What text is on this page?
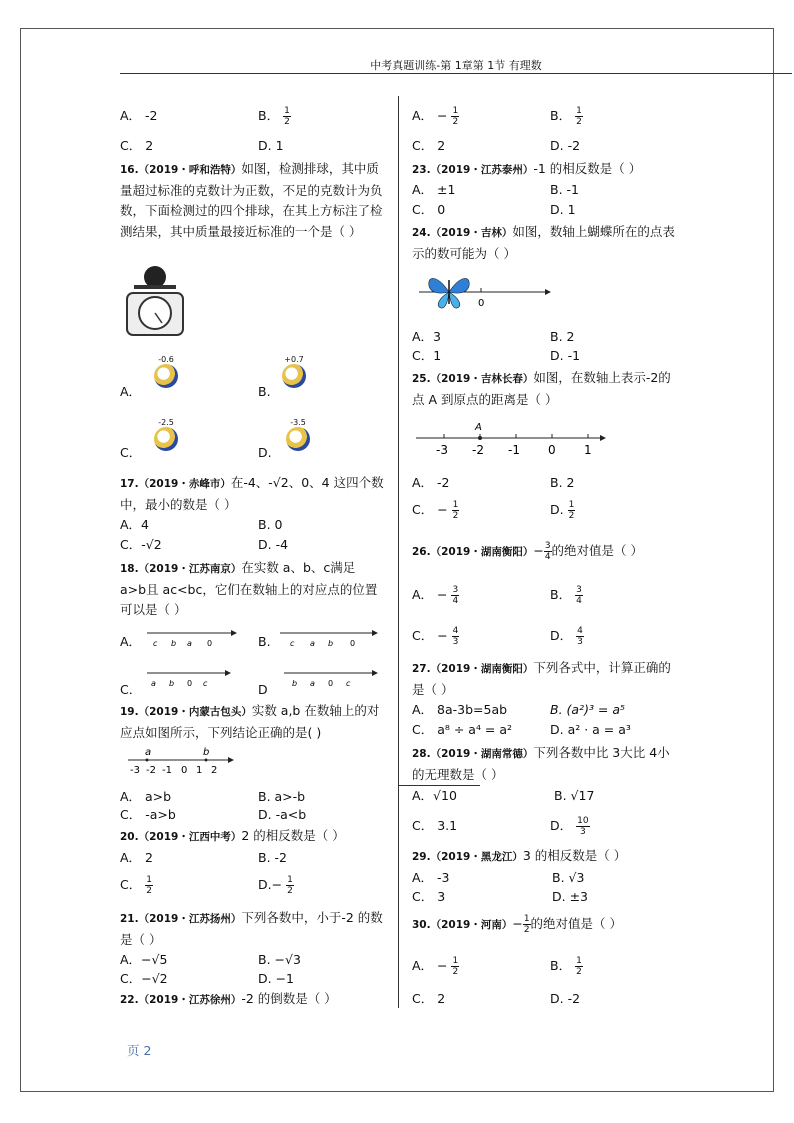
中考真题训练-第 1章第 1节 有理数
A． -2	B． $\frac{1}{2}$
C． 2	D. 1
16.（2019・呼和浩特）如图，检测排球，其中质量超过标准的克数计为正数，不足的克数计为负数，下面检测过的四个排球，在其上方标注了检测结果，其中质量最接近标准的一个是（ ）
A．	B.
C．	D.
-0.6	+0.7
-2.5	-3.5
17.（2019・赤峰市）在-4、-√2、0、4 这四个数中，最小的数是（ ）
A．4	B. 0
C．-√2	D. -4
18.（2019・江苏南京）在实数 a、b、c满足 a>b且 ac<bc，它们在数轴上的对应点的位置可以是（ ）
A．	B.
C．	D
c b a 0	c a b 0
a b 0 c	b a 0 c
19.（2019・内蒙古包头）实数 a,b 在数轴上的对应点如图所示，下列结论正确的是( )
a	b
-3 -2 -1 0 1 2
A． a>b	B. a>-b
C． -a>b	D. -a<b
20.（2019・江西中考）2 的相反数是（ ）
A． 2	B. -2
C． $\frac{1}{2}$	$D.- \frac{1}{2}$
21.（2019・江苏扬州）下列各数中，小于-2 的数是（ ）
A．−√5	B. −√3
C．−√2	D. −1
22.（2019・江苏徐州）-2 的倒数是（ ）
A． − $\frac{1}{2}$	B． $\frac{1}{2}$
C． 2	D. -2
23.（2019・江苏泰州）-1 的相反数是（ ）
A． ±1	B. -1
C． 0	D. 1
24.（2019・吉林）如图，数轴上蝴蝶所在的点表示的数可能为（ ）
0
A．3	B. 2
C．1	D. -1
25.（2019・吉林长春）如图，在数轴上表示-2的点 A 到原点的距离是（ ）
A
-3 -2 -1 0 1
A． -2	B. 2
C． − $\frac{1}{2}$	D. $\frac{1}{2}$
26.（2019・湖南衡阳）− $\frac{3}{4}$ 的绝对值是（ ）
A． − $\frac{3}{4}$	B． $\frac{3}{4}$
C． − $\frac{4}{3}$	D． $\frac{4}{3}$
27.（2019・湖南衡阳）下列各式中，计算正确的是（ ）
A． 8a-3b=5ab	B. (a²)³ = a⁵
C． a⁸ ÷ a⁴ = a²	D. a² · a = a³
28.（2019・湖南常德）下列各数中比 3大比 4小的无理数是（ ）
A．√10	B. √17
C． 3.1	D． $\frac{10}{3}$
29.（2019・黑龙江）3 的相反数是（ ）
A． -3	B. √3
C． 3	D. ±3
30.（2019・河南）− $\frac{1}{2}$ 的绝对值是（ ）
A． − $\frac{1}{2}$	B． $\frac{1}{2}$
C． 2	D. -2
页 2
